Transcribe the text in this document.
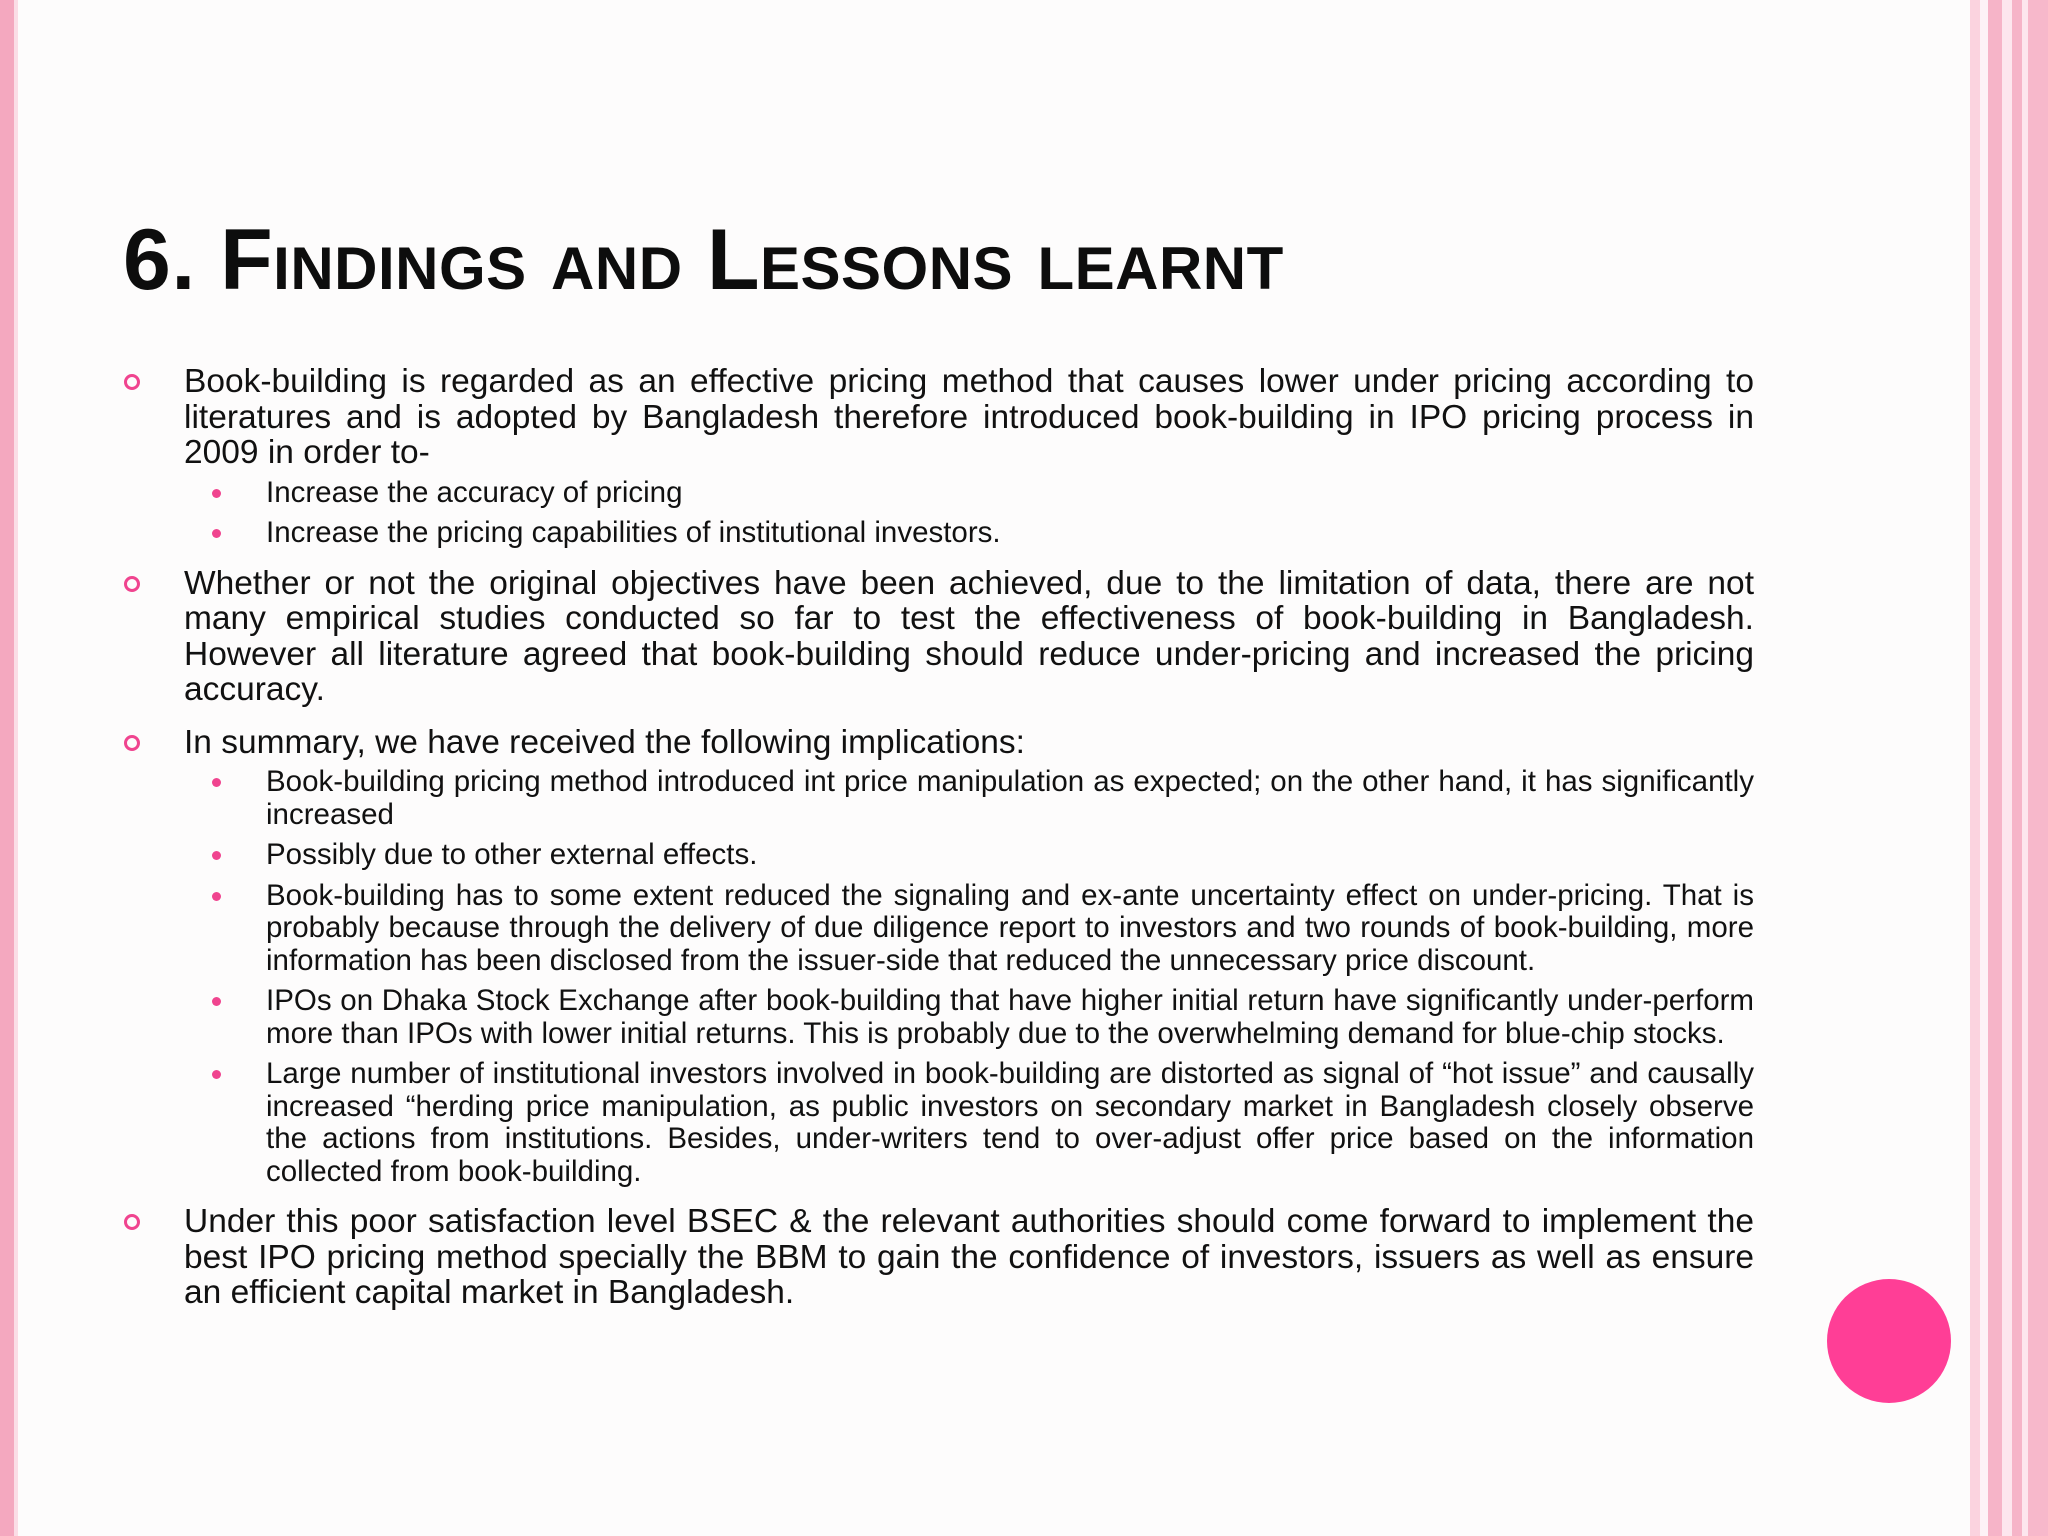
6. Findings and Lessons learnt
Book-building is regarded as an effective pricing method that causes lower under pricing according to literatures and is adopted by Bangladesh therefore introduced book-building in IPO pricing process in 2009 in order to-
Increase the accuracy of pricing
Increase the pricing capabilities of institutional investors.
Whether or not the original objectives have been achieved, due to the limitation of data, there are not many empirical studies conducted so far to test the effectiveness of book-building in Bangladesh. However all literature agreed that book-building should reduce under-pricing and increased the pricing accuracy.
In summary, we have received the following implications:
Book-building pricing method introduced int price manipulation as expected; on the other hand, it has significantly increased
Possibly due to other external effects.
Book-building has to some extent reduced the signaling and ex-ante uncertainty effect on under-pricing. That is probably because through the delivery of due diligence report to investors and two rounds of book-building, more information has been disclosed from the issuer-side that reduced the unnecessary price discount.
IPOs on Dhaka Stock Exchange after book-building that have higher initial return have significantly under-perform more than IPOs with lower initial returns. This is probably due to the overwhelming demand for blue-chip stocks.
Large number of institutional investors involved in book-building are distorted as signal of “hot issue” and causally increased “herding price manipulation, as public investors on secondary market in Bangladesh closely observe the actions from institutions. Besides, under-writers tend to over-adjust offer price based on the information collected from book-building.
Under this poor satisfaction level BSEC & the relevant authorities should come forward to implement the best IPO pricing method specially the BBM to gain the confidence of investors, issuers as well as ensure an efficient capital market in Bangladesh.
